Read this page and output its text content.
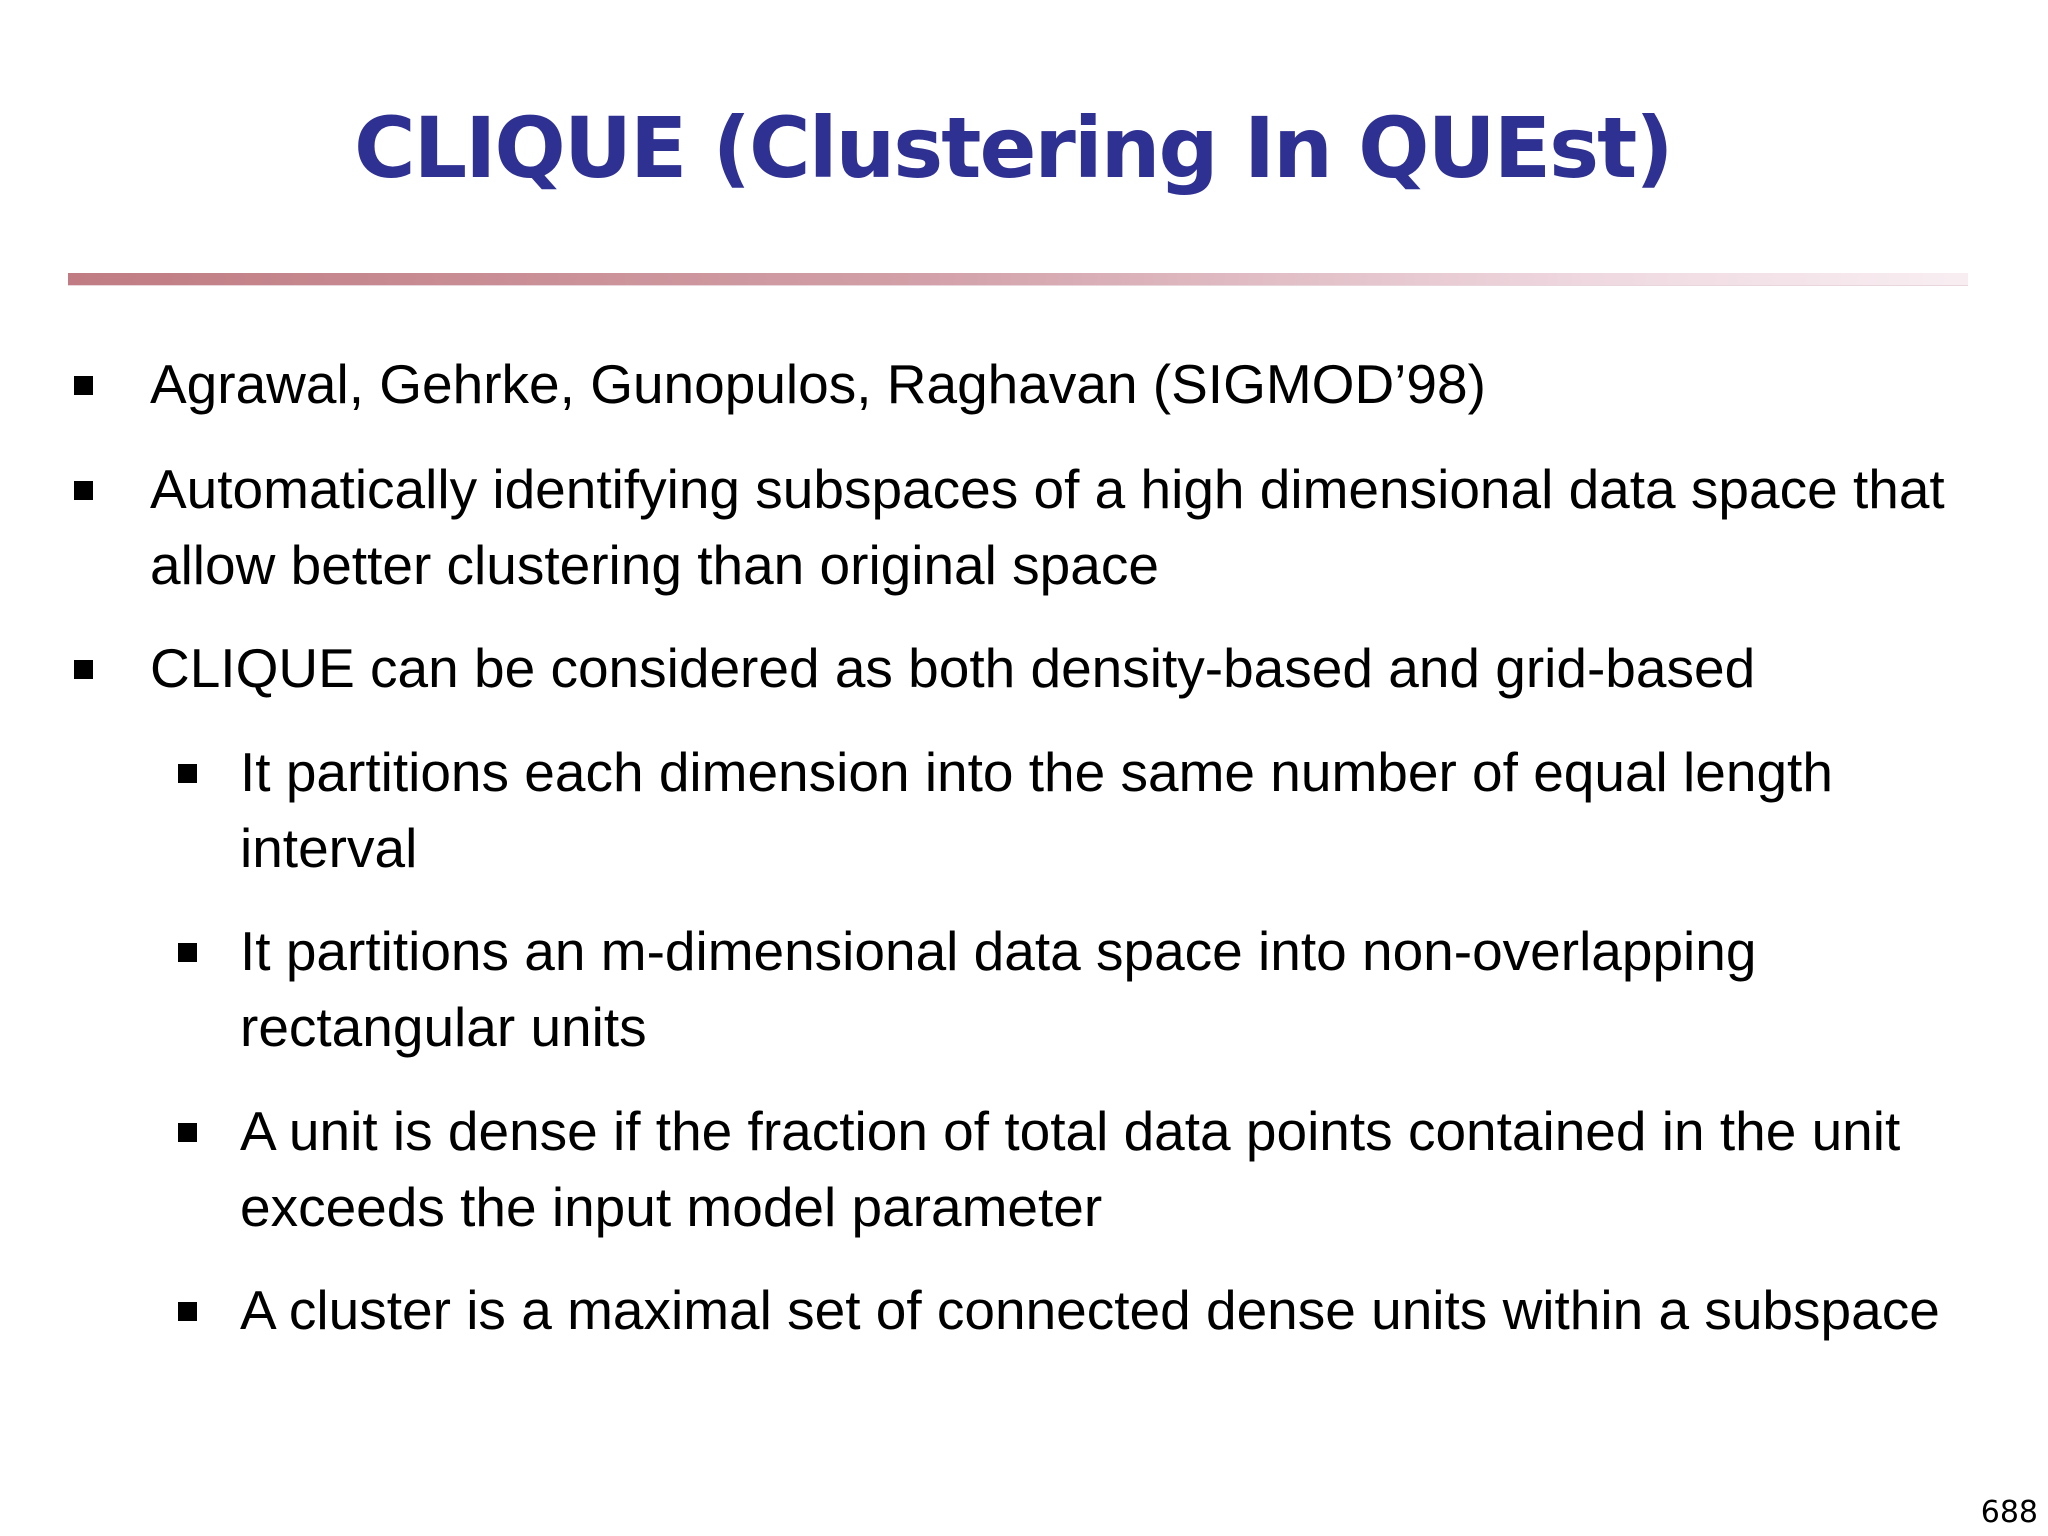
CLIQUE (Clustering In QUEst)
Agrawal, Gehrke, Gunopulos, Raghavan (SIGMOD’98)
Automatically identifying subspaces of a high dimensional data space that allow better clustering than original space
CLIQUE can be considered as both density-based and grid-based
It partitions each dimension into the same number of equal length interval
It partitions an m-dimensional data space into non-overlapping rectangular units
A unit is dense if the fraction of total data points contained in the unit exceeds the input model parameter
A cluster is a maximal set of connected dense units within a subspace
688
